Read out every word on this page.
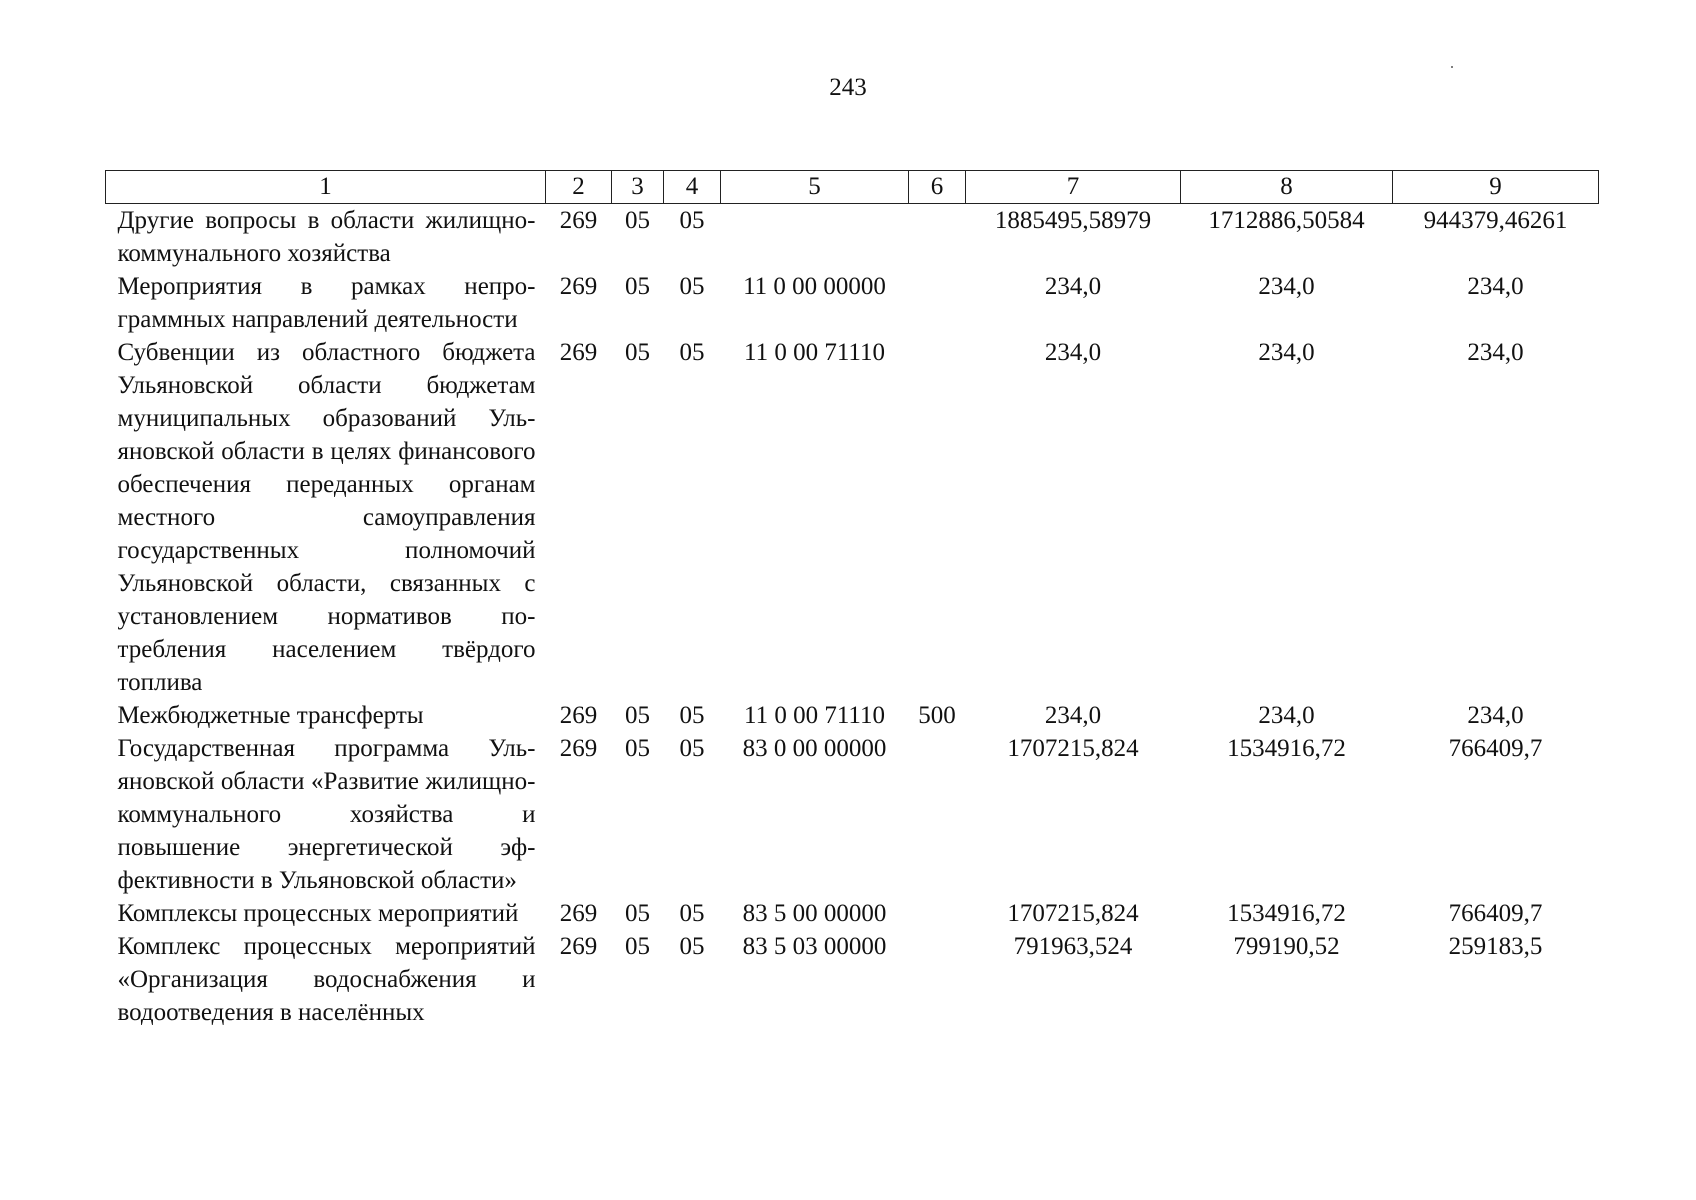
243
1	2	3	4	5	6	7	8	9
Другие вопросы в области жилищно-коммунального хозяйства	269	05	05			1885495,58979	1712886,50584	944379,46261
Мероприятия в рамках непрограммных направлений деятельности	269	05	05	11 0 00 00000		234,0	234,0	234,0
Субвенции из областного бюджета Ульяновской области бюджетам муниципальных образований Ульяновской области в целях финансового обеспечения переданных органам местного самоуправления государственных полномочий Ульяновской области, связанных с установлением нормативов потребления населением твёрдого топлива	269	05	05	11 0 00 71110		234,0	234,0	234,0
Межбюджетные трансферты	269	05	05	11 0 00 71110	500	234,0	234,0	234,0
Государственная программа Ульяновской области «Развитие жилищно-коммунального хозяйства и повышение энергетической эффективности в Ульяновской области»	269	05	05	83 0 00 00000		1707215,824	1534916,72	766409,7
Комплексы процессных мероприятий	269	05	05	83 5 00 00000		1707215,824	1534916,72	766409,7
Комплекс процессных мероприятий «Организация водоснабжения и водоотведения в населённых	269	05	05	83 5 03 00000		791963,524	799190,52	259183,5
